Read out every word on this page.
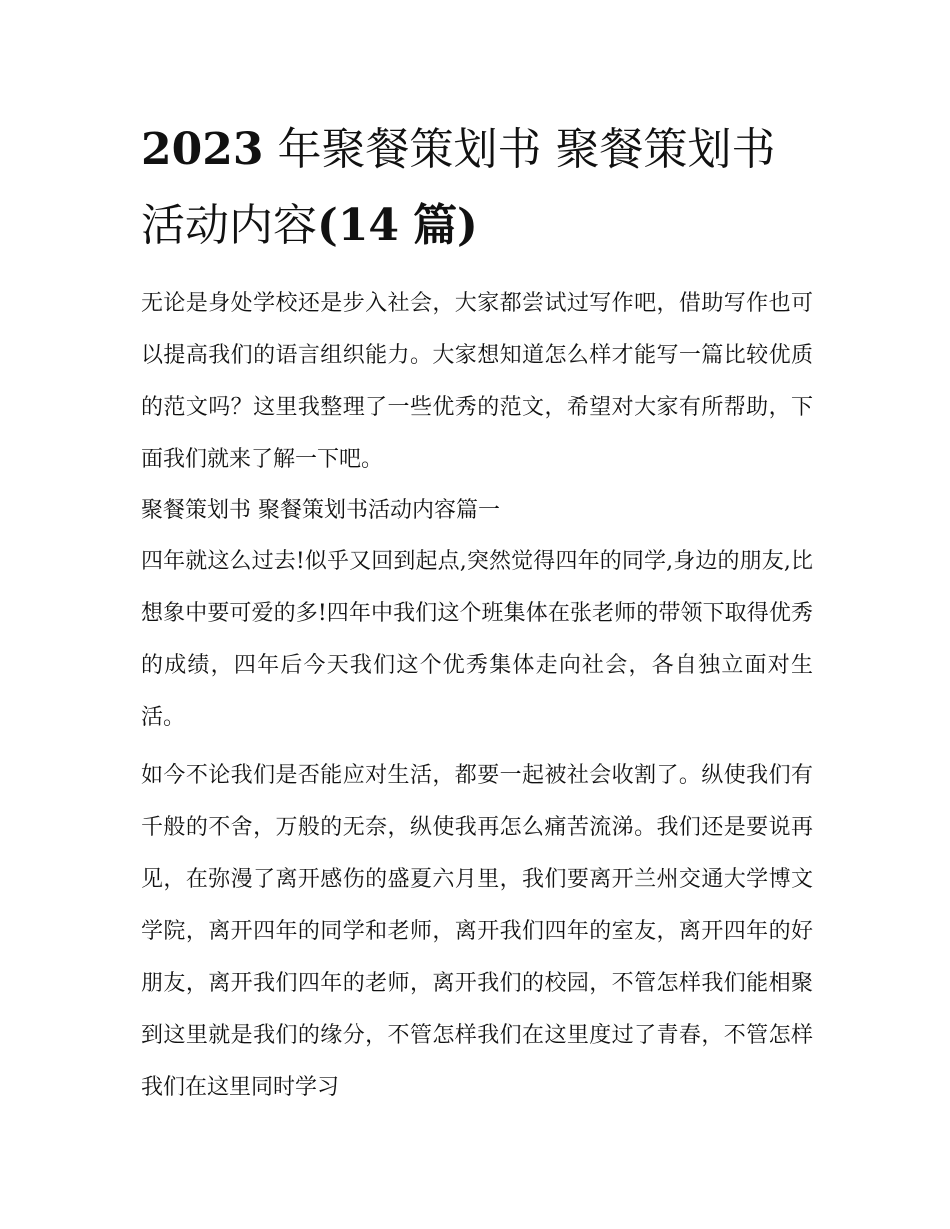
2023 年聚餐策划书 聚餐策划书活动内容(14 篇)

无论是身处学校还是步入社会，大家都尝试过写作吧，借助写作也可以提高我们的语言组织能力。大家想知道怎么样才能写一篇比较优质的范文吗？这里我整理了一些优秀的范文，希望对大家有所帮助，下面我们就来了解一下吧。

聚餐策划书 聚餐策划书活动内容篇一

四年就这么过去!似乎又回到起点,突然觉得四年的同学,身边的朋友,比想象中要可爱的多!四年中我们这个班集体在张老师的带领下取得优秀的成绩，四年后今天我们这个优秀集体走向社会，各自独立面对生活。

如今不论我们是否能应对生活，都要一起被社会收割了。纵使我们有千般的不舍，万般的无奈，纵使我再怎么痛苦流涕。我们还是要说再见，在弥漫了离开感伤的盛夏六月里，我们要离开兰州交通大学博文学院，离开四年的同学和老师，离开我们四年的室友，离开四年的好朋友，离开我们四年的老师，离开我们的校园，不管怎样我们能相聚到这里就是我们的缘分，不管怎样我们在这里度过了青春，不管怎样我们在这里同时学习
